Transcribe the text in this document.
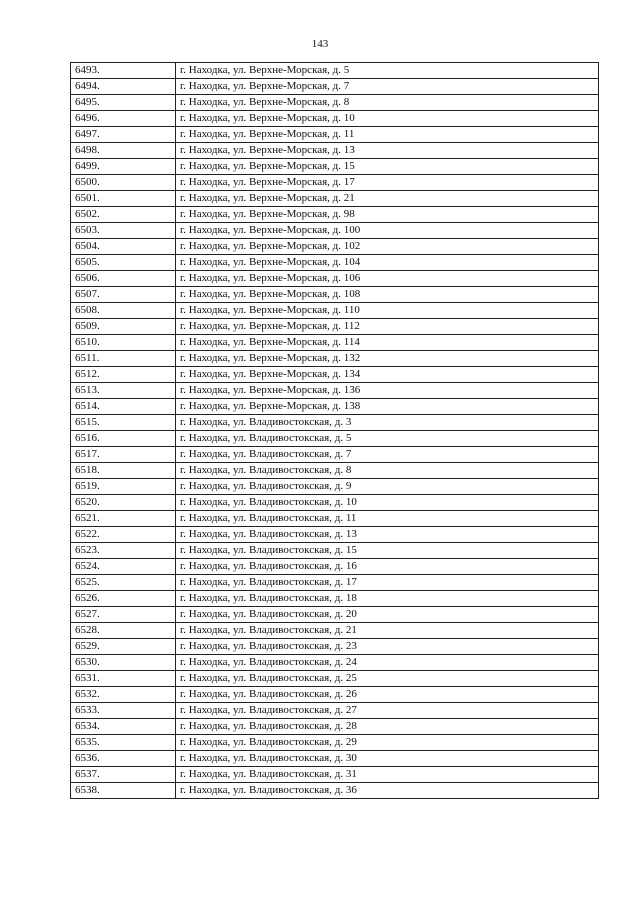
143
6493.	г. Находка, ул. Верхне-Морская, д. 5
6494.	г. Находка, ул. Верхне-Морская, д. 7
6495.	г. Находка, ул. Верхне-Морская, д. 8
6496.	г. Находка, ул. Верхне-Морская, д. 10
6497.	г. Находка, ул. Верхне-Морская, д. 11
6498.	г. Находка, ул. Верхне-Морская, д. 13
6499.	г. Находка, ул. Верхне-Морская, д. 15
6500.	г. Находка, ул. Верхне-Морская, д. 17
6501.	г. Находка, ул. Верхне-Морская, д. 21
6502.	г. Находка, ул. Верхне-Морская, д. 98
6503.	г. Находка, ул. Верхне-Морская, д. 100
6504.	г. Находка, ул. Верхне-Морская, д. 102
6505.	г. Находка, ул. Верхне-Морская, д. 104
6506.	г. Находка, ул. Верхне-Морская, д. 106
6507.	г. Находка, ул. Верхне-Морская, д. 108
6508.	г. Находка, ул. Верхне-Морская, д. 110
6509.	г. Находка, ул. Верхне-Морская, д. 112
6510.	г. Находка, ул. Верхне-Морская, д. 114
6511.	г. Находка, ул. Верхне-Морская, д. 132
6512.	г. Находка, ул. Верхне-Морская, д. 134
6513.	г. Находка, ул. Верхне-Морская, д. 136
6514.	г. Находка, ул. Верхне-Морская, д. 138
6515.	г. Находка, ул. Владивостокская, д. 3
6516.	г. Находка, ул. Владивостокская, д. 5
6517.	г. Находка, ул. Владивостокская, д. 7
6518.	г. Находка, ул. Владивостокская, д. 8
6519.	г. Находка, ул. Владивостокская, д. 9
6520.	г. Находка, ул. Владивостокская, д. 10
6521.	г. Находка, ул. Владивостокская, д. 11
6522.	г. Находка, ул. Владивостокская, д. 13
6523.	г. Находка, ул. Владивостокская, д. 15
6524.	г. Находка, ул. Владивостокская, д. 16
6525.	г. Находка, ул. Владивостокская, д. 17
6526.	г. Находка, ул. Владивостокская, д. 18
6527.	г. Находка, ул. Владивостокская, д. 20
6528.	г. Находка, ул. Владивостокская, д. 21
6529.	г. Находка, ул. Владивостокская, д. 23
6530.	г. Находка, ул. Владивостокская, д. 24
6531.	г. Находка, ул. Владивостокская, д. 25
6532.	г. Находка, ул. Владивостокская, д. 26
6533.	г. Находка, ул. Владивостокская, д. 27
6534.	г. Находка, ул. Владивостокская, д. 28
6535.	г. Находка, ул. Владивостокская, д. 29
6536.	г. Находка, ул. Владивостокская, д. 30
6537.	г. Находка, ул. Владивостокская, д. 31
6538.	г. Находка, ул. Владивостокская, д. 36
